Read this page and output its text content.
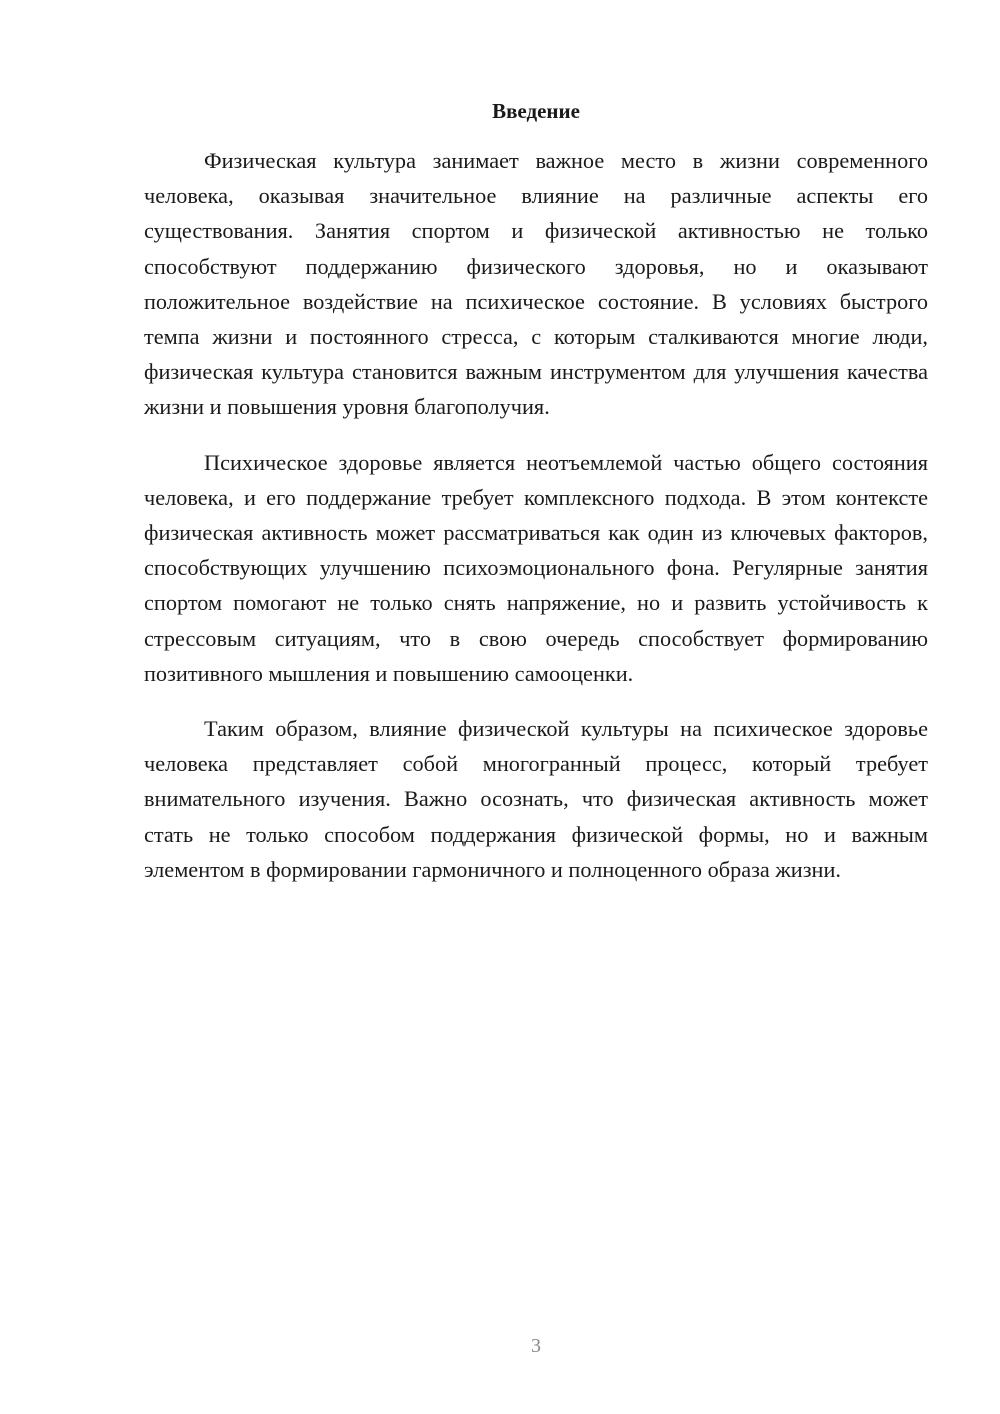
Введение

Физическая культура занимает важное место в жизни современного человека, оказывая значительное влияние на различные аспекты его существования. Занятия спортом и физической активностью не только способствуют поддержанию физического здоровья, но и оказывают положительное воздействие на психическое состояние. В условиях быстрого темпа жизни и постоянного стресса, с которым сталкиваются многие люди, физическая культура становится важным инструментом для улучшения качества жизни и повышения уровня благополучия.

Психическое здоровье является неотъемлемой частью общего состояния человека, и его поддержание требует комплексного подхода. В этом контексте физическая активность может рассматриваться как один из ключевых факторов, способствующих улучшению психоэмоционального фона. Регулярные занятия спортом помогают не только снять напряжение, но и развить устойчивость к стрессовым ситуациям, что в свою очередь способствует формированию позитивного мышления и повышению самооценки.

Таким образом, влияние физической культуры на психическое здоровье человека представляет собой многогранный процесс, который требует внимательного изучения. Важно осознать, что физическая активность может стать не только способом поддержания физической формы, но и важным элементом в формировании гармоничного и полноценного образа жизни.

3
